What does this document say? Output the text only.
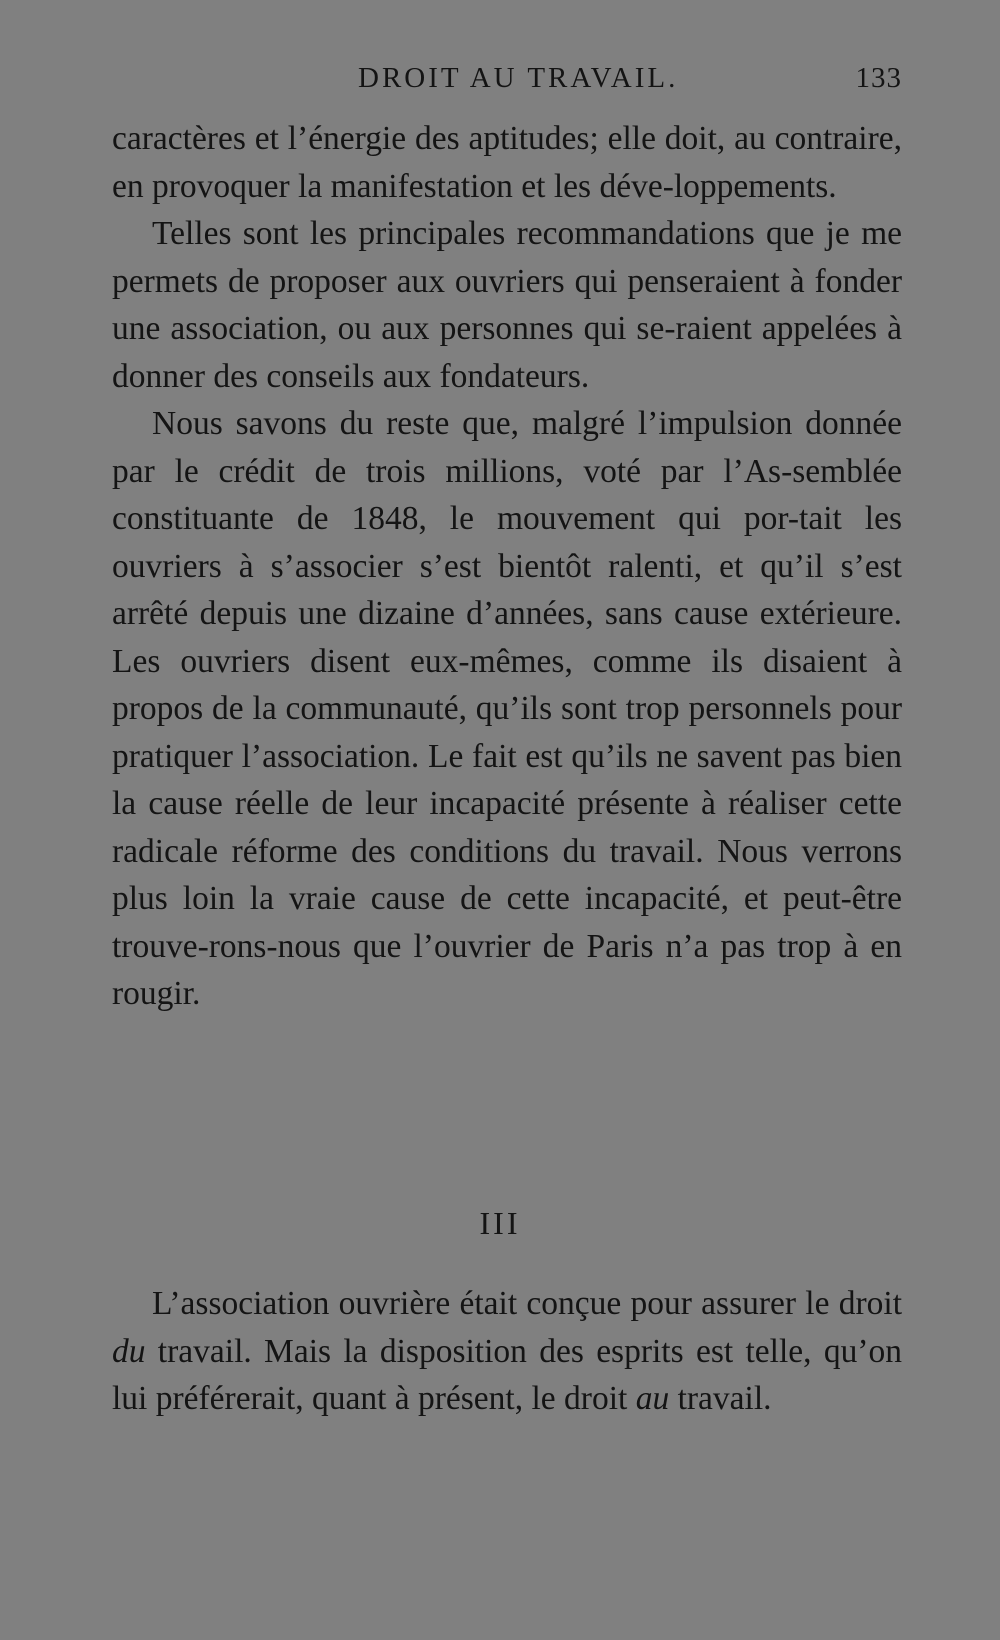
DROIT AU TRAVAIL.	133

caractères et l’énergie des aptitudes; elle doit, au contraire, en provoquer la manifestation et les déve-loppements.

Telles sont les principales recommandations que je me permets de proposer aux ouvriers qui penseraient à fonder une association, ou aux personnes qui se-raient appelées à donner des conseils aux fondateurs.

Nous savons du reste que, malgré l’impulsion donnée par le crédit de trois millions, voté par l’As-semblée constituante de 1848, le mouvement qui por-tait les ouvriers à s’associer s’est bientôt ralenti, et qu’il s’est arrêté depuis une dizaine d’années, sans cause extérieure. Les ouvriers disent eux-mêmes, comme ils disaient à propos de la communauté, qu’ils sont trop personnels pour pratiquer l’association. Le fait est qu’ils ne savent pas bien la cause réelle de leur incapacité présente à réaliser cette radicale réforme des conditions du travail. Nous verrons plus loin la vraie cause de cette incapacité, et peut-être trouve-rons-nous que l’ouvrier de Paris n’a pas trop à en rougir.

III

L’association ouvrière était conçue pour assurer le droit du travail. Mais la disposition des esprits est telle, qu’on lui préférerait, quant à présent, le droit au travail.
